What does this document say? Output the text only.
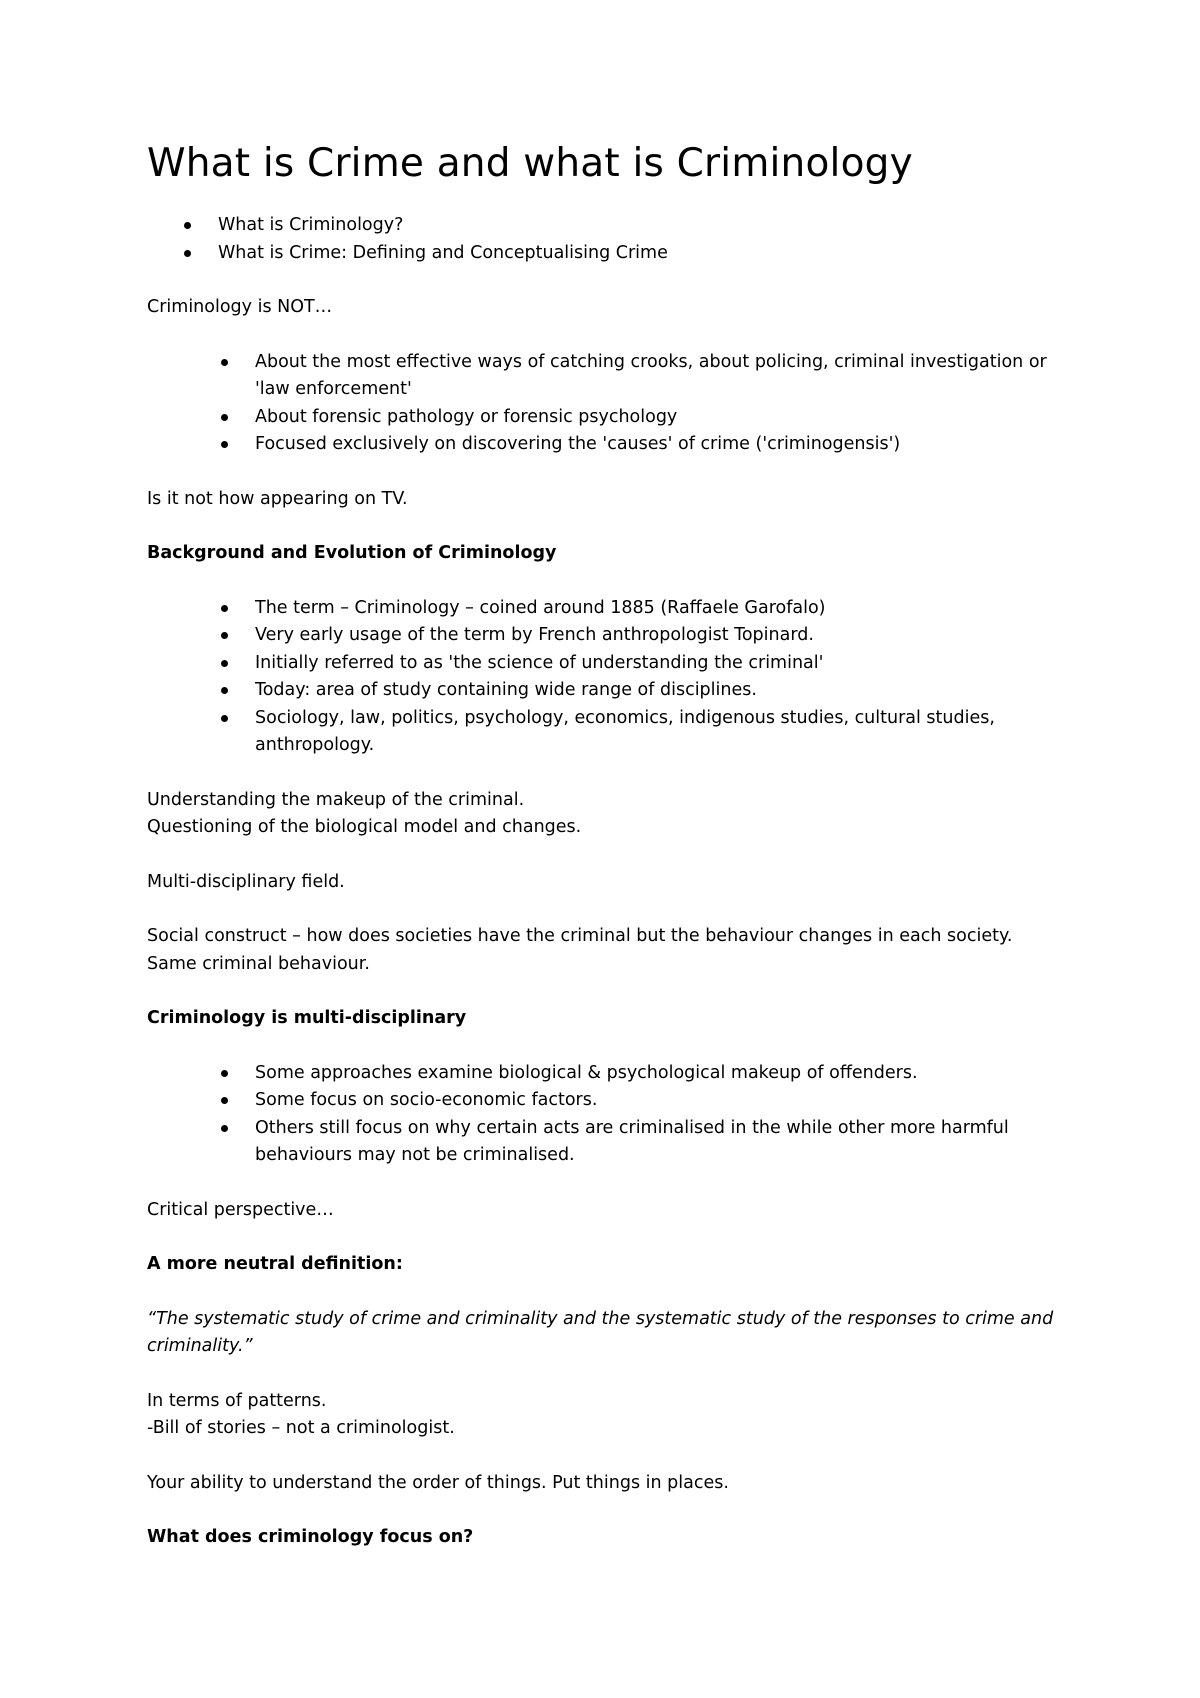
What is Crime and what is Criminology
What is Criminology?
What is Crime: Defining and Conceptualising Crime

Criminology is NOT…

About the most effective ways of catching crooks, about policing, criminal investigation or 'law enforcement'
About forensic pathology or forensic psychology
Focused exclusively on discovering the 'causes' of crime ('criminogensis')

Is it not how appearing on TV.

Background and Evolution of Criminology

The term – Criminology – coined around 1885 (Raffaele Garofalo)
Very early usage of the term by French anthropologist Topinard.
Initially referred to as 'the science of understanding the criminal'
Today: area of study containing wide range of disciplines.
Sociology, law, politics, psychology, economics, indigenous studies, cultural studies, anthropology.

Understanding the makeup of the criminal.

Questioning of the biological model and changes.

Multi-disciplinary field.

Social construct – how does societies have the criminal but the behaviour changes in each society. Same criminal behaviour.

Criminology is multi-disciplinary

Some approaches examine biological & psychological makeup of offenders.
Some focus on socio-economic factors.
Others still focus on why certain acts are criminalised in the while other more harmful behaviours may not be criminalised.

Critical perspective…

A more neutral definition:

“The systematic study of crime and criminality and the systematic study of the responses to crime and criminality.”

In terms of patterns.

-Bill of stories – not a criminologist.

Your ability to understand the order of things. Put things in places.

What does criminology focus on?
